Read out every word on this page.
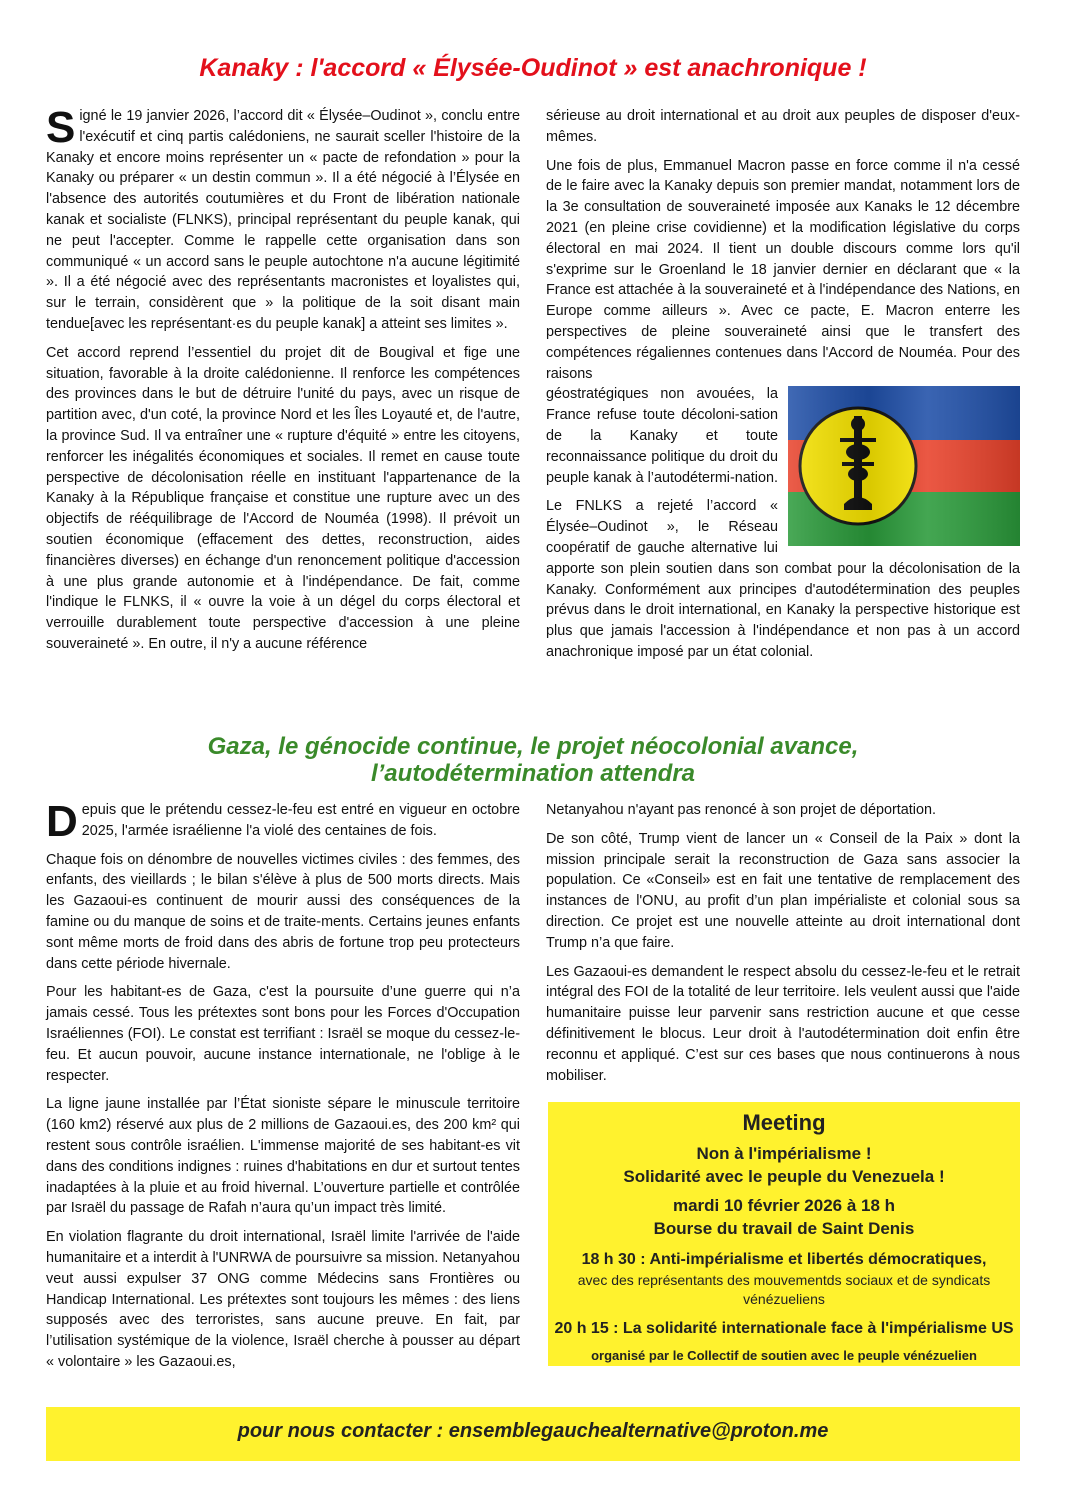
Kanaky : l'accord « Élysée-Oudinot » est anachronique !

Signé le 19 janvier 2026, l’accord dit « Élysée–Oudinot », conclu entre l'exécutif et cinq partis calédoniens, ne saurait sceller l'histoire de la Kanaky et encore moins représenter un « pacte de refondation » pour la Kanaky ou préparer « un destin commun ». Il a été négocié à l’Élysée en l'absence des autorités coutumières et du Front de libération nationale kanak et socialiste (FLNKS), principal représentant du peuple kanak, qui ne peut l'accepter. Comme le rappelle cette organisation dans son communiqué « un accord sans le peuple autochtone n'a aucune légitimité ». Il a été négocié avec des représentants macronistes et loyalistes qui, sur le terrain, considèrent que » la politique de la soit disant main tendue[avec les représentant·es du peuple kanak] a atteint ses limites ».

Cet accord reprend l’essentiel du projet dit de Bougival et fige une situation, favorable à la droite calédonienne. Il renforce les compétences des provinces dans le but de détruire l'unité du pays, avec un risque de partition avec, d'un coté, la province Nord et les Îles Loyauté et, de l'autre, la province Sud. Il va entraîner une « rupture d'équité » entre les citoyens, renforcer les inégalités économiques et sociales. Il remet en cause toute perspective de décolonisation réelle en instituant l'appartenance de la Kanaky à la République française et constitue une rupture avec un des objectifs de rééquilibrage de l'Accord de Nouméa (1998). Il prévoit un soutien économique (effacement des dettes, reconstruction, aides financières diverses) en échange d'un renoncement politique d'accession à une plus grande autonomie et à l'indépendance. De fait, comme l'indique le FLNKS, il « ouvre la voie à un dégel du corps électoral et verrouille durablement toute perspective d'accession à une pleine souveraineté ». En outre, il n'y a aucune référence

sérieuse au droit international et au droit aux peuples de disposer d'eux-mêmes.

Une fois de plus, Emmanuel Macron passe en force comme il n'a cessé de le faire avec la Kanaky depuis son premier mandat, notamment lors de la 3e consultation de souveraineté imposée aux Kanaks le 12 décembre 2021 (en pleine crise covidienne) et la modification législative du corps électoral en mai 2024. Il tient un double discours comme lors qu'il s'exprime sur le Groenland le 18 janvier dernier en déclarant que « la France est attachée à la souveraineté et à l'indépendance des Nations, en Europe comme ailleurs ». Avec ce pacte, E. Macron enterre les perspectives de pleine souveraineté ainsi que le transfert des compétences régaliennes contenues dans l'Accord de Nouméa. Pour des raisons

géostratégiques non avouées, la France refuse toute décoloni-sation de la Kanaky et toute reconnaissance politique du droit du peuple kanak à l’autodétermi-nation.

Le FNLKS a rejeté l’accord « Élysée–Oudinot », le Réseau coopératif de gauche alternative lui apporte son plein soutien dans son combat pour la décolonisation de la Kanaky. Conformément aux principes d'autodétermination des peuples prévus dans le droit international, en Kanaky la perspective historique est plus que jamais l'accession à l'indépendance et non pas à un accord anachronique imposé par un état colonial.

Gaza, le génocide continue, le projet néocolonial avance,
l’autodétermination attendra

Depuis que le prétendu cessez-le-feu est entré en vigueur en octobre 2025, l'armée israélienne l'a violé des centaines de fois.

Chaque fois on dénombre de nouvelles victimes civiles : des femmes, des enfants, des vieillards ; le bilan s'élève à plus de 500 morts directs. Mais les Gazaoui-es continuent de mourir aussi des conséquences de la famine ou du manque de soins et de traite-ments. Certains jeunes enfants sont même morts de froid dans des abris de fortune trop peu protecteurs dans cette période hivernale.

Pour les habitant-es de Gaza, c'est la poursuite d’une guerre qui n’a jamais cessé. Tous les prétextes sont bons pour les Forces d'Occupation Israéliennes (FOI). Le constat est terrifiant : Israël se moque du cessez-le-feu. Et aucun pouvoir, aucune instance internationale, ne l'oblige à le respecter.

La ligne jaune installée par l’État sioniste sépare le minuscule territoire (160 km2) réservé aux plus de 2 millions de Gazaoui.es, des 200 km² qui restent sous contrôle israélien. L'immense majorité de ses habitant-es vit dans des conditions indignes : ruines d'habitations en dur et surtout tentes inadaptées à la pluie et au froid hivernal. L’ouverture partielle et contrôlée par Israël du passage de Rafah n’aura qu’un impact très limité.

En violation flagrante du droit international, Israël limite l'arrivée de l'aide humanitaire et a interdit à l'UNRWA de poursuivre sa mission. Netanyahou veut aussi expulser 37 ONG comme Médecins sans Frontières ou Handicap International. Les prétextes sont toujours les mêmes : des liens supposés avec des terroristes, sans aucune preuve. En fait, par l’utilisation systémique de la violence, Israël cherche à pousser au départ « volontaire » les Gazaoui.es,

Netanyahou n'ayant pas renoncé à son projet de déportation.

De son côté, Trump vient de lancer un « Conseil de la Paix » dont la mission principale serait la reconstruction de Gaza sans associer la population. Ce «Conseil» est en fait une tentative de remplacement des instances de l'ONU, au profit d’un plan impérialiste et colonial sous sa direction. Ce projet est une nouvelle atteinte au droit international dont Trump n’a que faire.

Les Gazaoui-es demandent le respect absolu du cessez-le-feu et le retrait intégral des FOI de la totalité de leur territoire. Iels veulent aussi que l'aide humanitaire puisse leur parvenir sans restriction aucune et que cesse définitivement le blocus. Leur droit à l'autodétermination doit enfin être reconnu et appliqué. C’est sur ces bases que nous continuerons à nous mobiliser.

Meeting
Non à l'impérialisme !
Solidarité avec le peuple du Venezuela !
mardi 10 février 2026 à 18 h
Bourse du travail de Saint Denis
18 h 30 : Anti-impérialisme et libertés démocratiques,
avec des représentants des mouvementds sociaux et de syndicats vénézueliens
20 h 15 : La solidarité internationale face à l'impérialisme US
organisé par le Collectif de soutien avec le peuple vénézuelien
pour nous contacter : ensemblegauchealternative@proton.me
